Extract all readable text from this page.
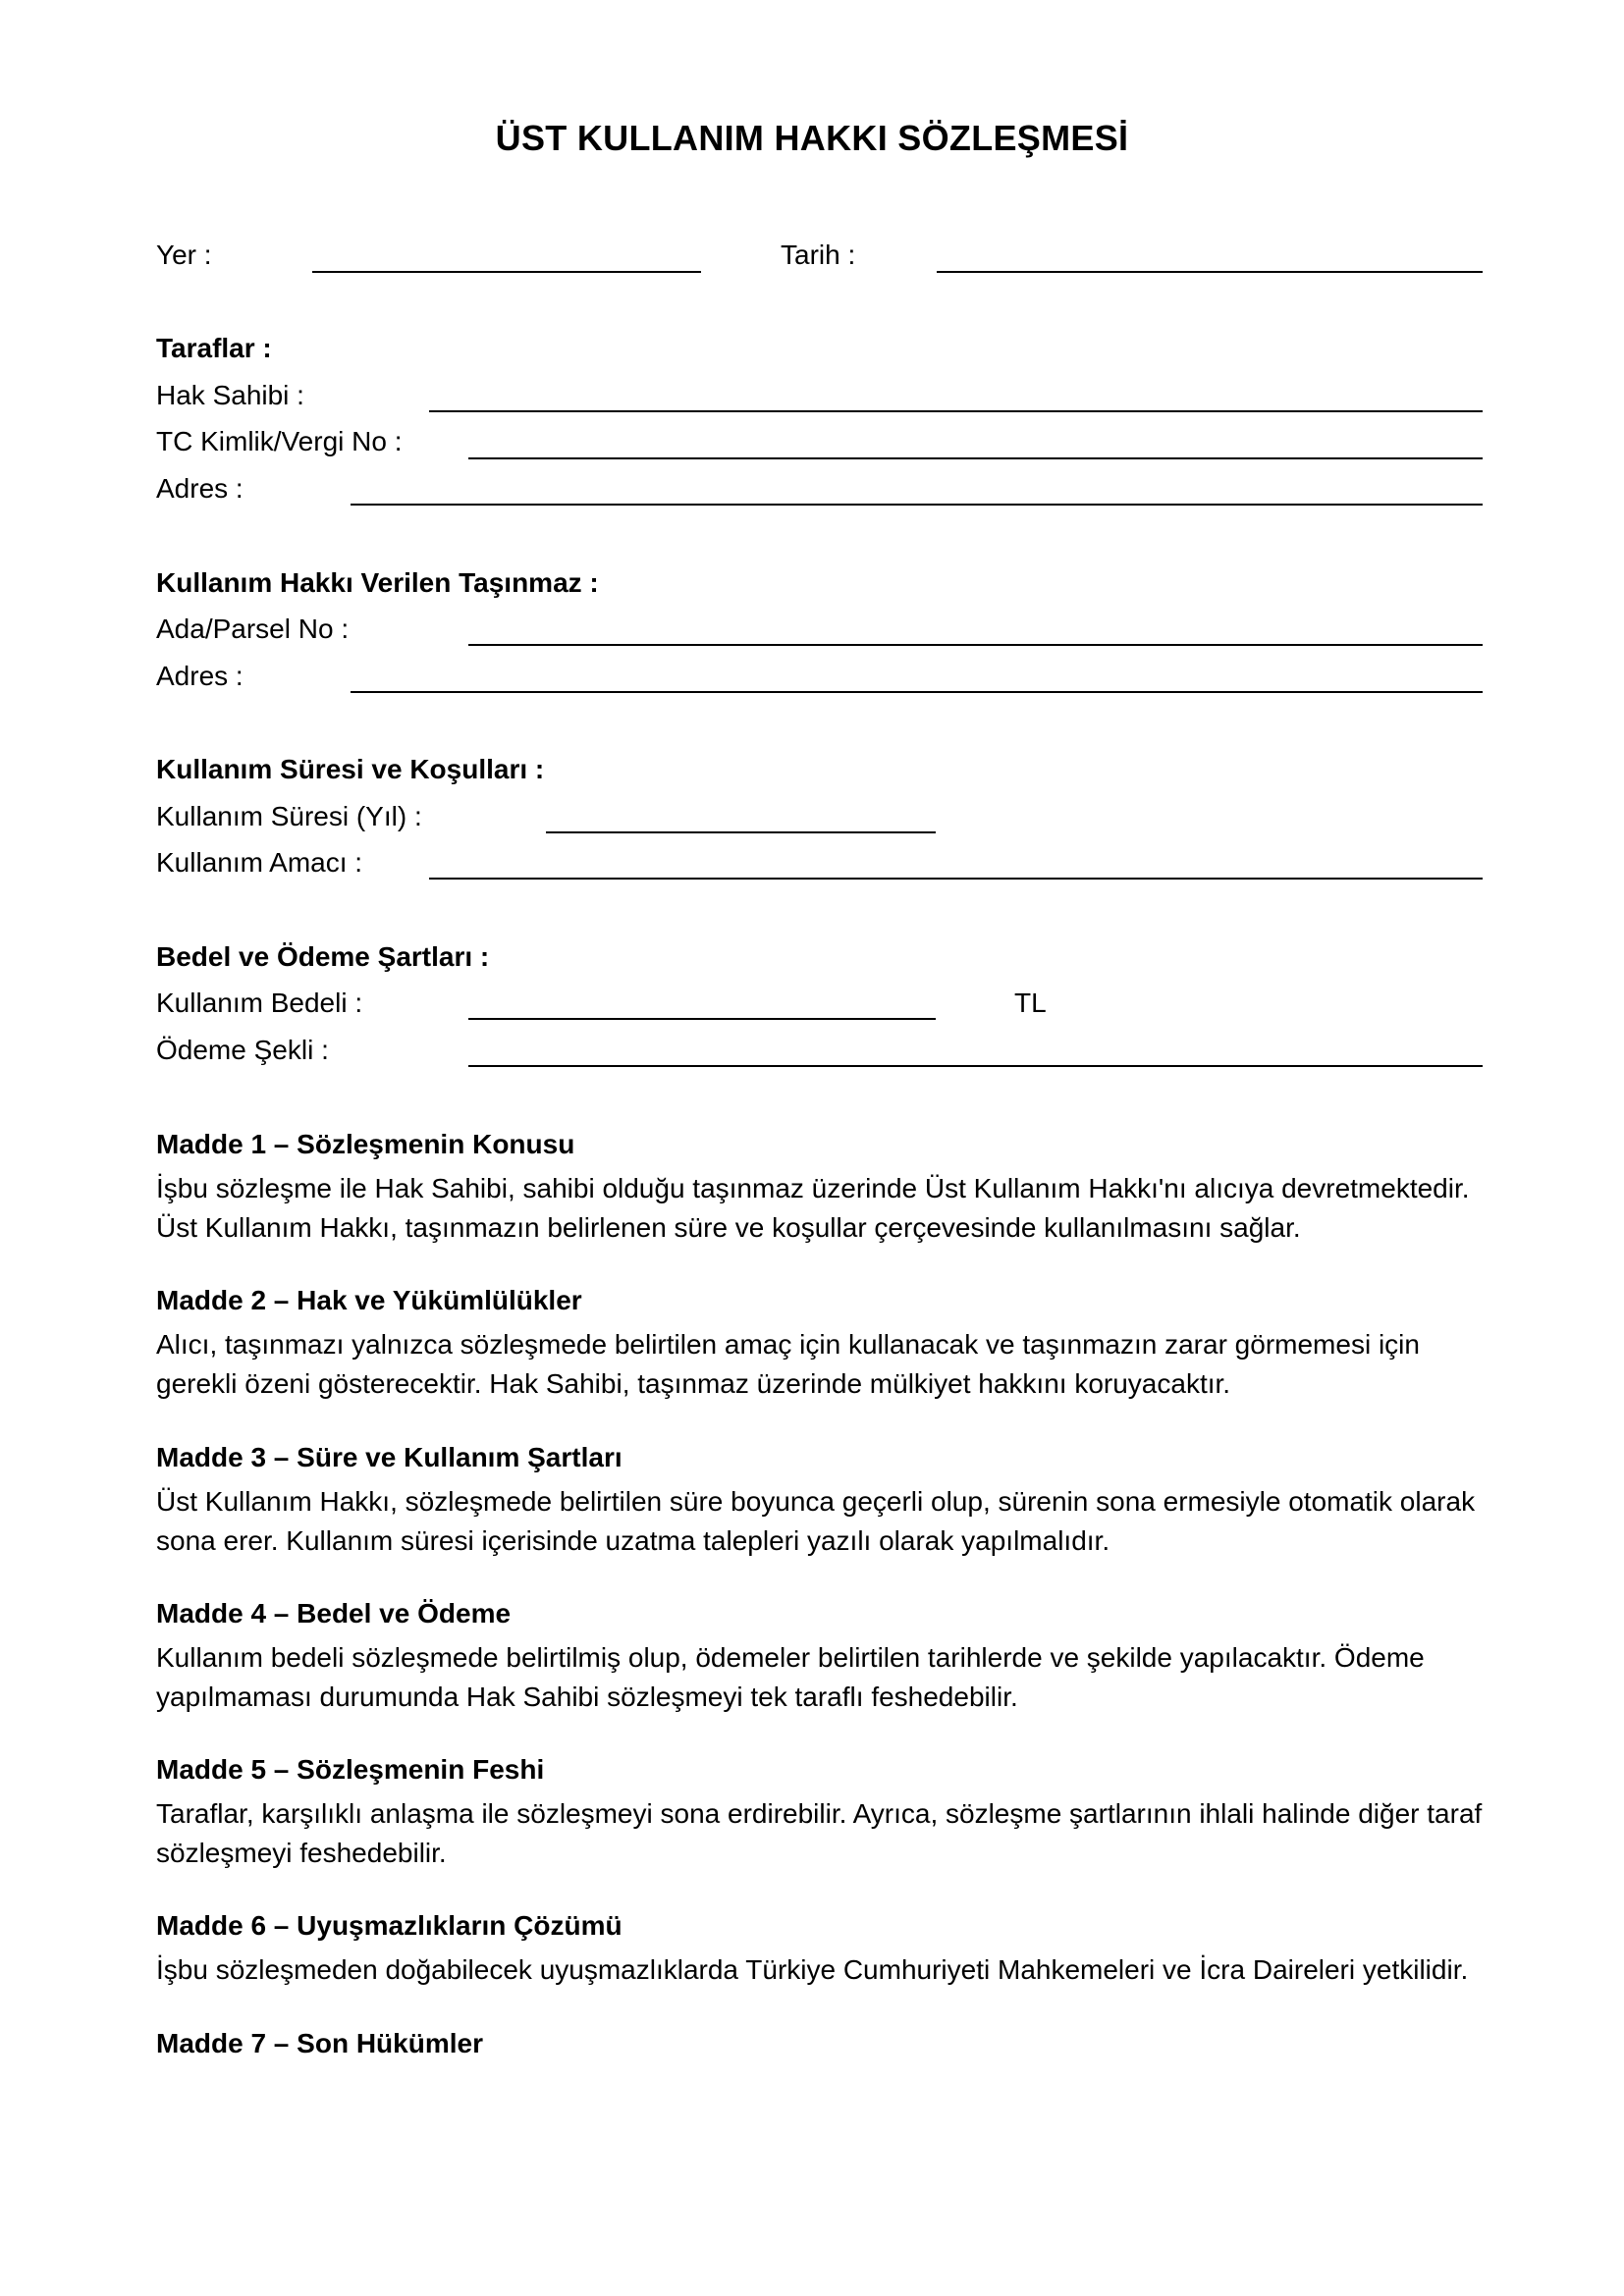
ÜST KULLANIM HAKKI SÖZLEŞMESİ
Yer :	Tarih :
Taraflar :
Hak Sahibi :
TC Kimlik/Vergi No :
Adres :
Kullanım Hakkı Verilen Taşınmaz :
Ada/Parsel No :
Adres :
Kullanım Süresi ve Koşulları :
Kullanım Süresi (Yıl) :
Kullanım Amacı :
Bedel ve Ödeme Şartları :
Kullanım Bedeli :	TL
Ödeme Şekli :
Madde 1 – Sözleşmenin Konusu
İşbu sözleşme ile Hak Sahibi, sahibi olduğu taşınmaz üzerinde Üst Kullanım Hakkı'nı alıcıya devretmektedir. Üst Kullanım Hakkı, taşınmazın belirlenen süre ve koşullar çerçevesinde kullanılmasını sağlar.
Madde 2 – Hak ve Yükümlülükler
Alıcı, taşınmazı yalnızca sözleşmede belirtilen amaç için kullanacak ve taşınmazın zarar görmemesi için gerekli özeni gösterecektir. Hak Sahibi, taşınmaz üzerinde mülkiyet hakkını koruyacaktır.
Madde 3 – Süre ve Kullanım Şartları
Üst Kullanım Hakkı, sözleşmede belirtilen süre boyunca geçerli olup, sürenin sona ermesiyle otomatik olarak sona erer. Kullanım süresi içerisinde uzatma talepleri yazılı olarak yapılmalıdır.
Madde 4 – Bedel ve Ödeme
Kullanım bedeli sözleşmede belirtilmiş olup, ödemeler belirtilen tarihlerde ve şekilde yapılacaktır. Ödeme yapılmaması durumunda Hak Sahibi sözleşmeyi tek taraflı feshedebilir.
Madde 5 – Sözleşmenin Feshi
Taraflar, karşılıklı anlaşma ile sözleşmeyi sona erdirebilir. Ayrıca, sözleşme şartlarının ihlali halinde diğer taraf sözleşmeyi feshedebilir.
Madde 6 – Uyuşmazlıkların Çözümü
İşbu sözleşmeden doğabilecek uyuşmazlıklarda Türkiye Cumhuriyeti Mahkemeleri ve İcra Daireleri yetkilidir.
Madde 7 – Son Hükümler
